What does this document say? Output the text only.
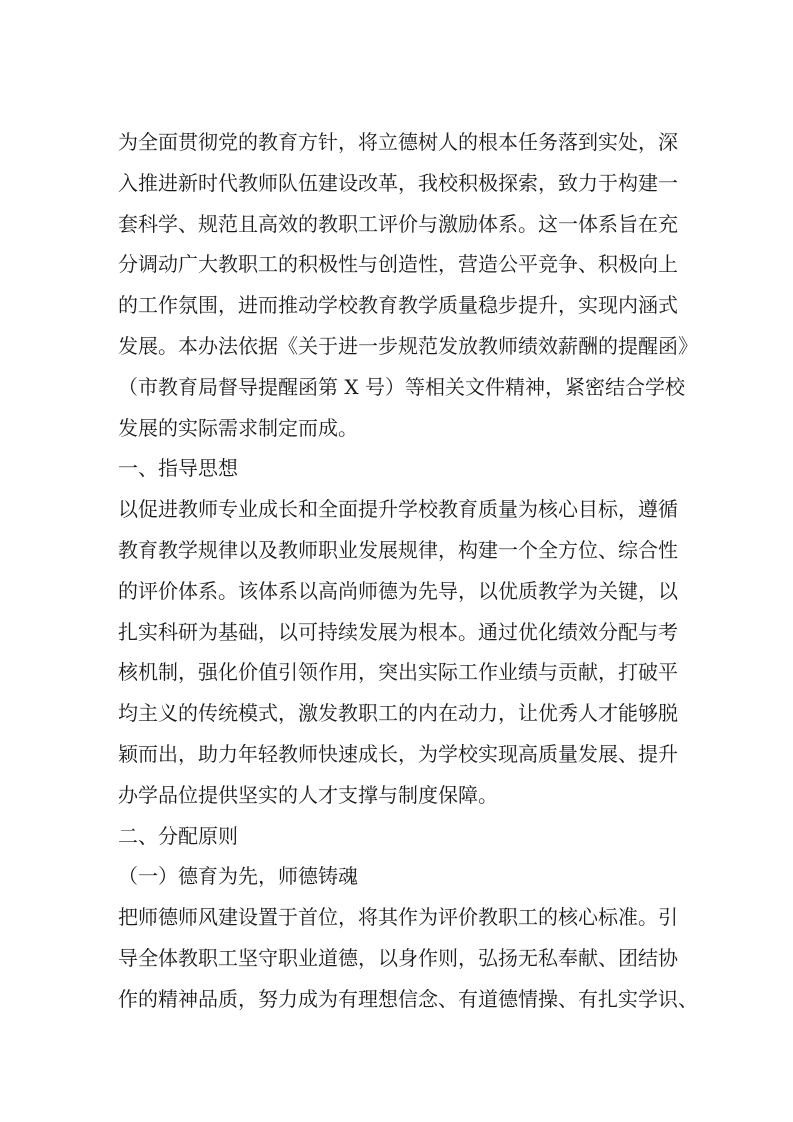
为全面贯彻党的教育方针，将立德树人的根本任务落到实处，深
入推进新时代教师队伍建设改革，我校积极探索，致力于构建一
套科学、规范且高效的教职工评价与激励体系。这一体系旨在充
分调动广大教职工的积极性与创造性，营造公平竞争、积极向上
的工作氛围，进而推动学校教育教学质量稳步提升，实现内涵式
发展。本办法依据《关于进一步规范发放教师绩效薪酬的提醒函》
（市教育局督导提醒函第 X 号）等相关文件精神，紧密结合学校
发展的实际需求制定而成。
一、指导思想
以促进教师专业成长和全面提升学校教育质量为核心目标，遵循
教育教学规律以及教师职业发展规律，构建一个全方位、综合性
的评价体系。该体系以高尚师德为先导，以优质教学为关键，以
扎实科研为基础，以可持续发展为根本。通过优化绩效分配与考
核机制，强化价值引领作用，突出实际工作业绩与贡献，打破平
均主义的传统模式，激发教职工的内在动力，让优秀人才能够脱
颖而出，助力年轻教师快速成长，为学校实现高质量发展、提升
办学品位提供坚实的人才支撑与制度保障。
二、分配原则
（一）德育为先，师德铸魂
把师德师风建设置于首位，将其作为评价教职工的核心标准。引
导全体教职工坚守职业道德，以身作则，弘扬无私奉献、团结协
作的精神品质，努力成为有理想信念、有道德情操、有扎实学识、
